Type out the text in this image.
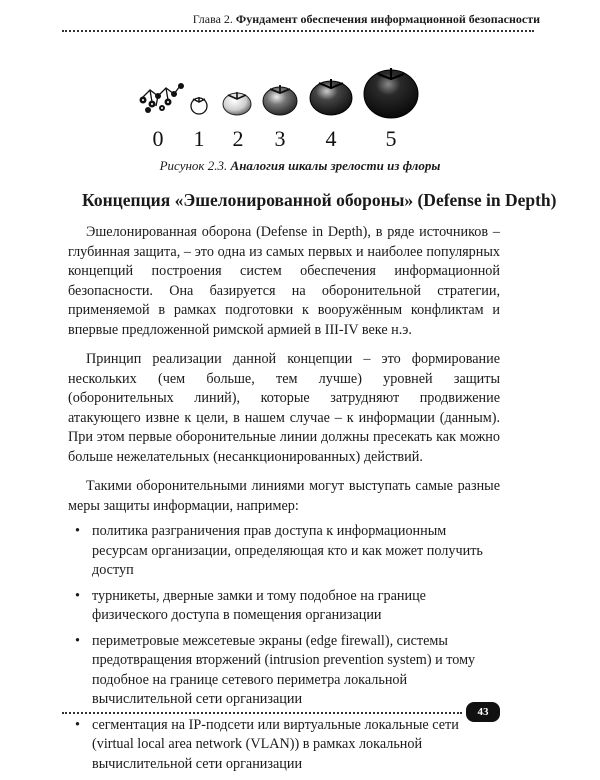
Глава 2. Фундамент обеспечения информационной безопасности
0 1 2 3 4 5
Рисунок 2.3. Аналогия шкалы зрелости из флоры
Концепция «Эшелонированной обороны» (Defense in Depth)

Эшелонированная оборона (Defense in Depth), в ряде источников – глубинная защита, – это одна из самых первых и наиболее популярных концепций построения систем обеспечения информационной безопасности. Она базируется на оборонительной стратегии, применяемой в рамках подготовки к вооружённым конфликтам и впервые предложенной римской армией в III-IV веке н.э.

Принцип реализации данной концепции – это формирование нескольких (чем больше, тем лучше) уровней защиты (оборонительных линий), которые затрудняют продвижение атакующего извне к цели, в нашем случае – к информации (данным). При этом первые оборонительные линии должны пресекать как можно больше нежелательных (несанкционированных) действий.

Такими оборонительными линиями могут выступать самые разные меры защиты информации, например:

• политика разграничения прав доступа к информационным ресурсам организации, определяющая кто и как может получить доступ
• турникеты, дверные замки и тому подобное на границе физического доступа в помещения организации
• периметровые межсетевые экраны (edge firewall), системы предотвращения вторжений (intrusion prevention system) и тому подобное на границе сетевого периметра локальной вычислительной сети организации
• сегментация на IP-подсети или виртуальные локальные сети (virtual local area network (VLAN)) в рамках локальной вычислительной сети организации
43
